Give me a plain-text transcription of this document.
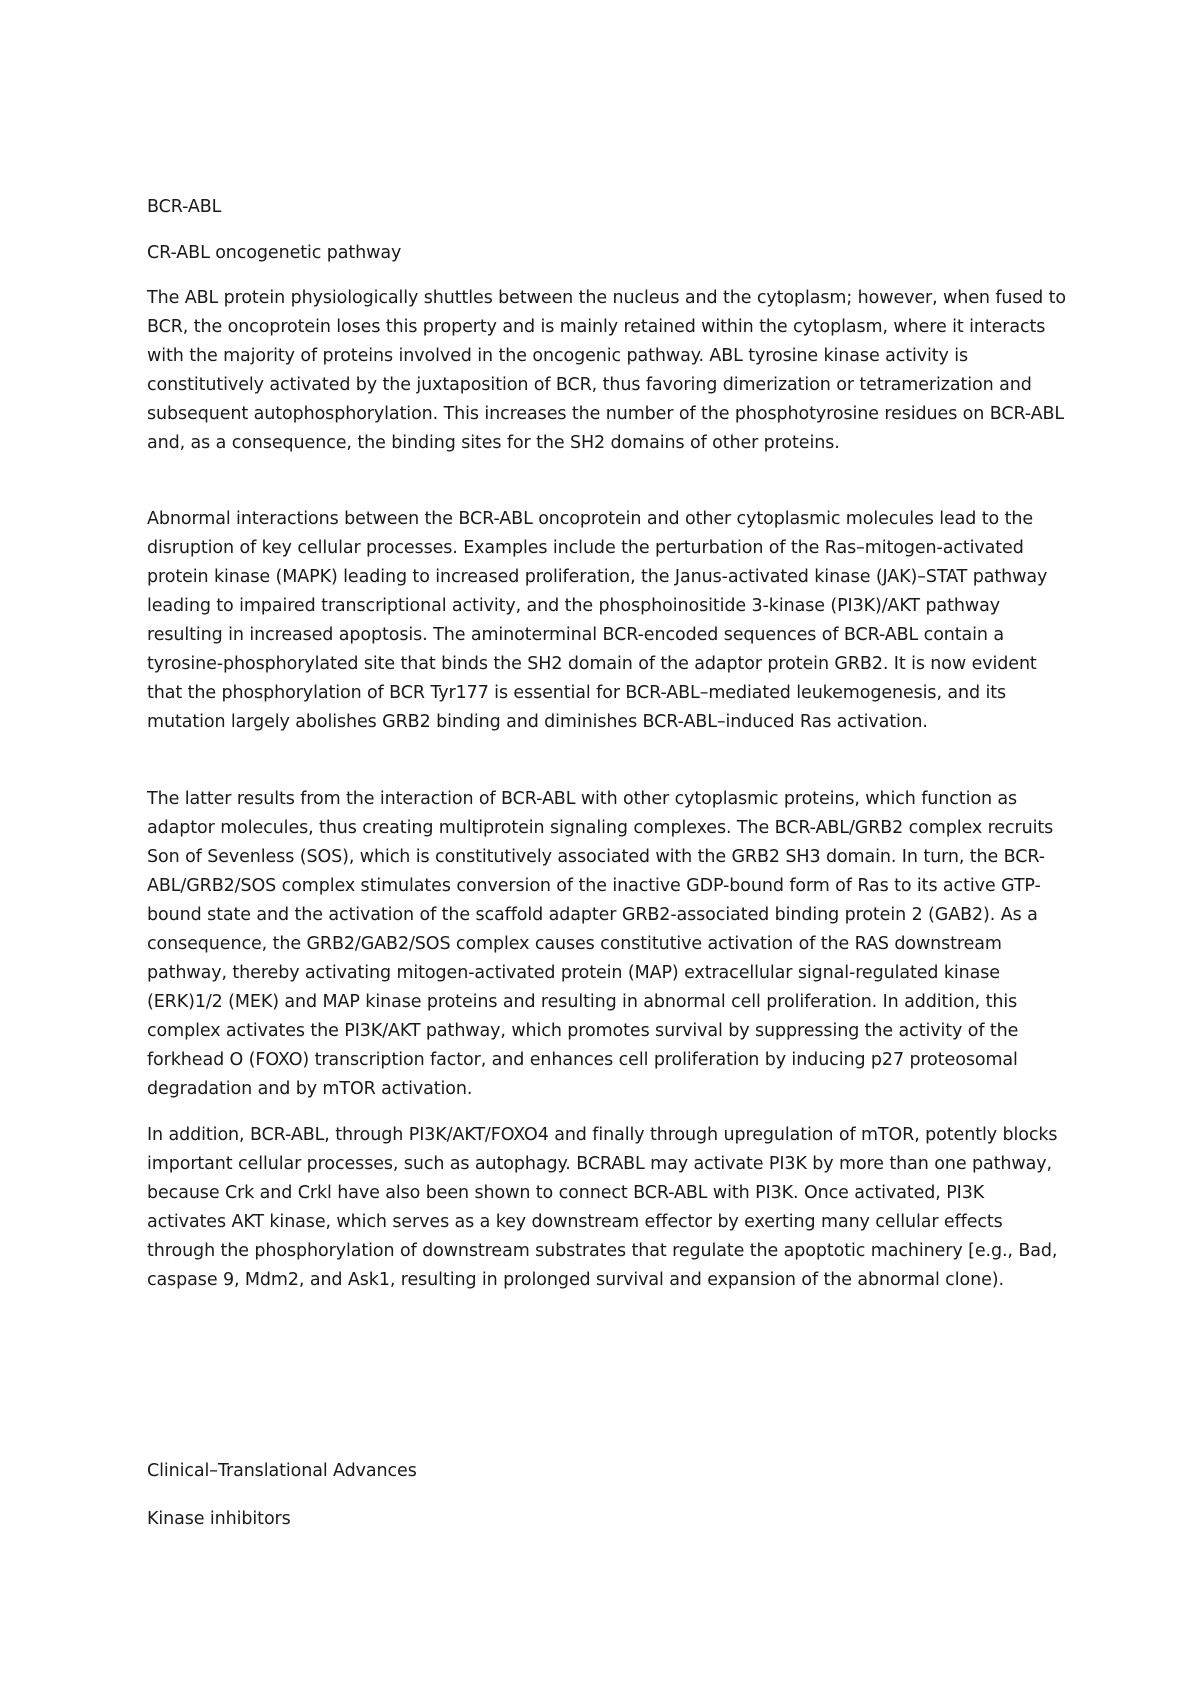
BCR-ABL

CR-ABL oncogenetic pathway

The ABL protein physiologically shuttles between the nucleus and the cytoplasm; however, when fused to BCR, the oncoprotein loses this property and is mainly retained within the cytoplasm, where it interacts with the majority of proteins involved in the oncogenic pathway. ABL tyrosine kinase activity is constitutively activated by the juxtaposition of BCR, thus favoring dimerization or tetramerization and subsequent autophosphorylation. This increases the number of the phosphotyrosine residues on BCR-ABL and, as a consequence, the binding sites for the SH2 domains of other proteins.

Abnormal interactions between the BCR-ABL oncoprotein and other cytoplasmic molecules lead to the disruption of key cellular processes. Examples include the perturbation of the Ras–mitogen-activated protein kinase (MAPK) leading to increased proliferation, the Janus-activated kinase (JAK)–STAT pathway leading to impaired transcriptional activity, and the phosphoinositide 3-kinase (PI3K)/AKT pathway resulting in increased apoptosis. The aminoterminal BCR-encoded sequences of BCR-ABL contain a tyrosine-phosphorylated site that binds the SH2 domain of the adaptor protein GRB2. It is now evident that the phosphorylation of BCR Tyr177 is essential for BCR-ABL–mediated leukemogenesis, and its mutation largely abolishes GRB2 binding and diminishes BCR-ABL–induced Ras activation.

The latter results from the interaction of BCR-ABL with other cytoplasmic proteins, which function as adaptor molecules, thus creating multiprotein signaling complexes. The BCR-ABL/GRB2 complex recruits Son of Sevenless (SOS), which is constitutively associated with the GRB2 SH3 domain. In turn, the BCR-ABL/GRB2/SOS complex stimulates conversion of the inactive GDP-bound form of Ras to its active GTP-bound state and the activation of the scaffold adapter GRB2-associated binding protein 2 (GAB2). As a consequence, the GRB2/GAB2/SOS complex causes constitutive activation of the RAS downstream pathway, thereby activating mitogen-activated protein (MAP) extracellular signal-regulated kinase (ERK)1/2 (MEK) and MAP kinase proteins and resulting in abnormal cell proliferation. In addition, this complex activates the PI3K/AKT pathway, which promotes survival by suppressing the activity of the forkhead O (FOXO) transcription factor, and enhances cell proliferation by inducing p27 proteosomal degradation and by mTOR activation.

In addition, BCR-ABL, through PI3K/AKT/FOXO4 and finally through upregulation of mTOR, potently blocks important cellular processes, such as autophagy. BCRABL may activate PI3K by more than one pathway, because Crk and Crkl have also been shown to connect BCR-ABL with PI3K. Once activated, PI3K activates AKT kinase, which serves as a key downstream effector by exerting many cellular effects through the phosphorylation of downstream substrates that regulate the apoptotic machinery [e.g., Bad, caspase 9, Mdm2, and Ask1, resulting in prolonged survival and expansion of the abnormal clone).

Clinical–Translational Advances

Kinase inhibitors
